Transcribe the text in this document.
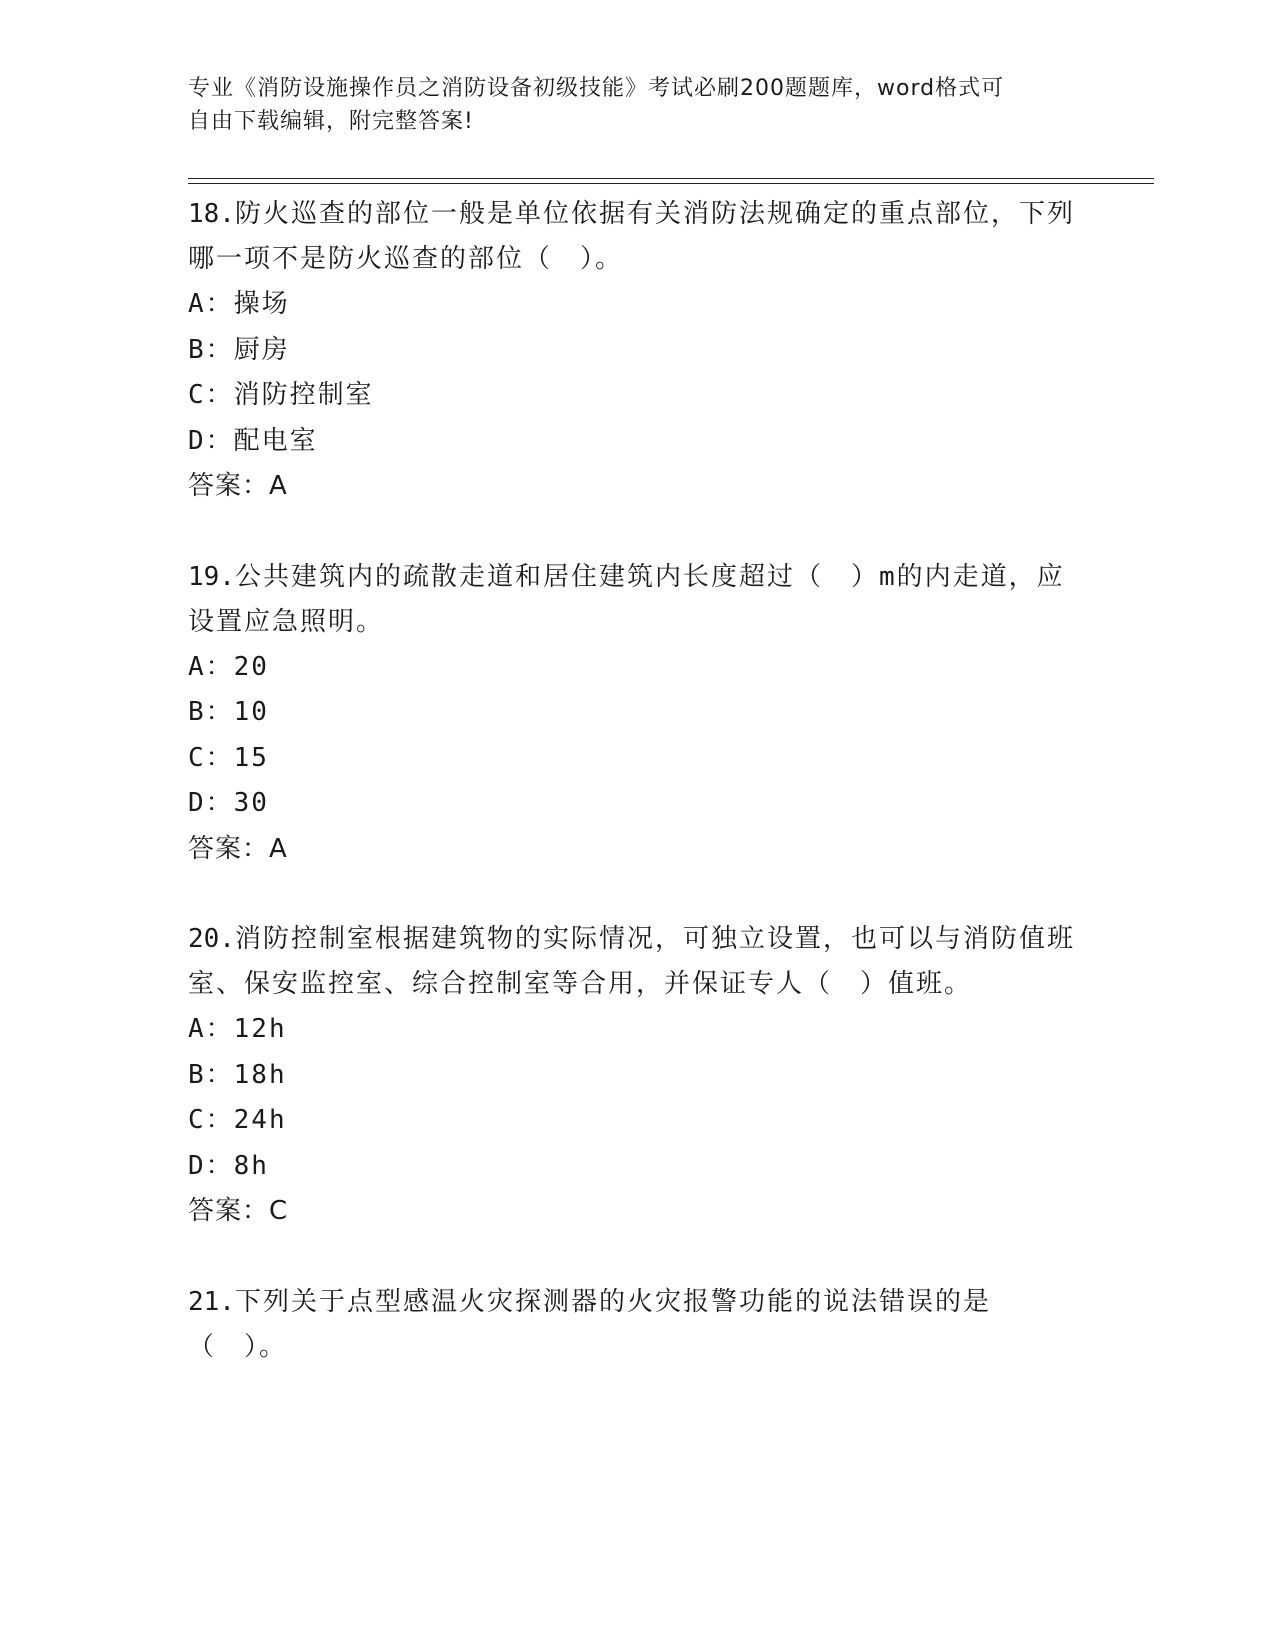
专业《消防设施操作员之消防设备初级技能》考试必刷200题题库，word格式可
自由下载编辑，附完整答案!
18.防火巡查的部位一般是单位依据有关消防法规确定的重点部位，下列哪一项不是防火巡查的部位（　）。
A：操场
B：厨房
C：消防控制室
D：配电室
答案：A
19.公共建筑内的疏散走道和居住建筑内长度超过（　）m的内走道，应设置应急照明。
A：20
B：10
C：15
D：30
答案：A
20.消防控制室根据建筑物的实际情况，可独立设置，也可以与消防值班室、保安监控室、综合控制室等合用，并保证专人（　）值班。
A：12h
B：18h
C：24h
D：8h
答案：C
21.下列关于点型感温火灾探测器的火灾报警功能的说法错误的是（　）。
